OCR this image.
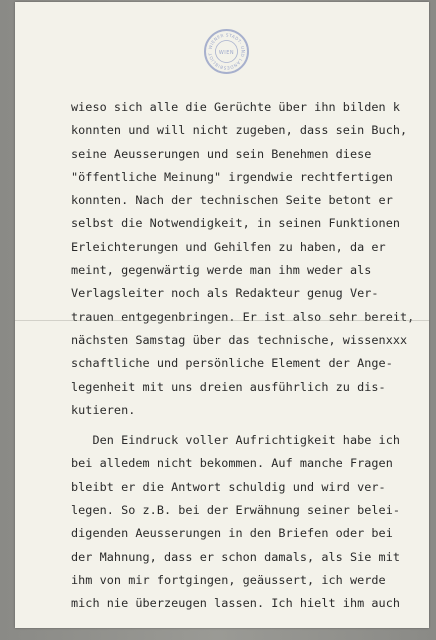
WIENER STADT- UND LANDESBIBLIOT	WIEN
wieso sich alle die Gerüchte über ihn bilden k
konnten und will nicht zugeben, dass sein Buch,
seine Aeusserungen und sein Benehmen diese
"öffentliche Meinung" irgendwie rechtfertigen
konnten. Nach der technischen Seite betont er
selbst die Notwendigkeit, in seinen Funktionen
Erleichterungen und Gehilfen zu haben, da er
meint, gegenwärtig werde man ihm weder als
Verlagsleiter noch als Redakteur genug Ver-
trauen entgegenbringen. Er ist also sehr bereit,
nächsten Samstag über das technische, wissenxxx
schaftliche und persönliche Element der Ange-
legenheit mit uns dreien ausführlich zu dis-
kutieren.
Den Eindruck voller Aufrichtigkeit habe ich
bei alledem nicht bekommen. Auf manche Fragen
bleibt er die Antwort schuldig und wird ver-
legen. So z.B. bei der Erwähnung seiner belei-
digenden Aeusserungen in den Briefen oder bei
der Mahnung, dass er schon damals, als Sie mit
ihm von mir fortgingen, geäussert, ich werde
mich nie überzeugen lassen. Ich hielt ihm auch
